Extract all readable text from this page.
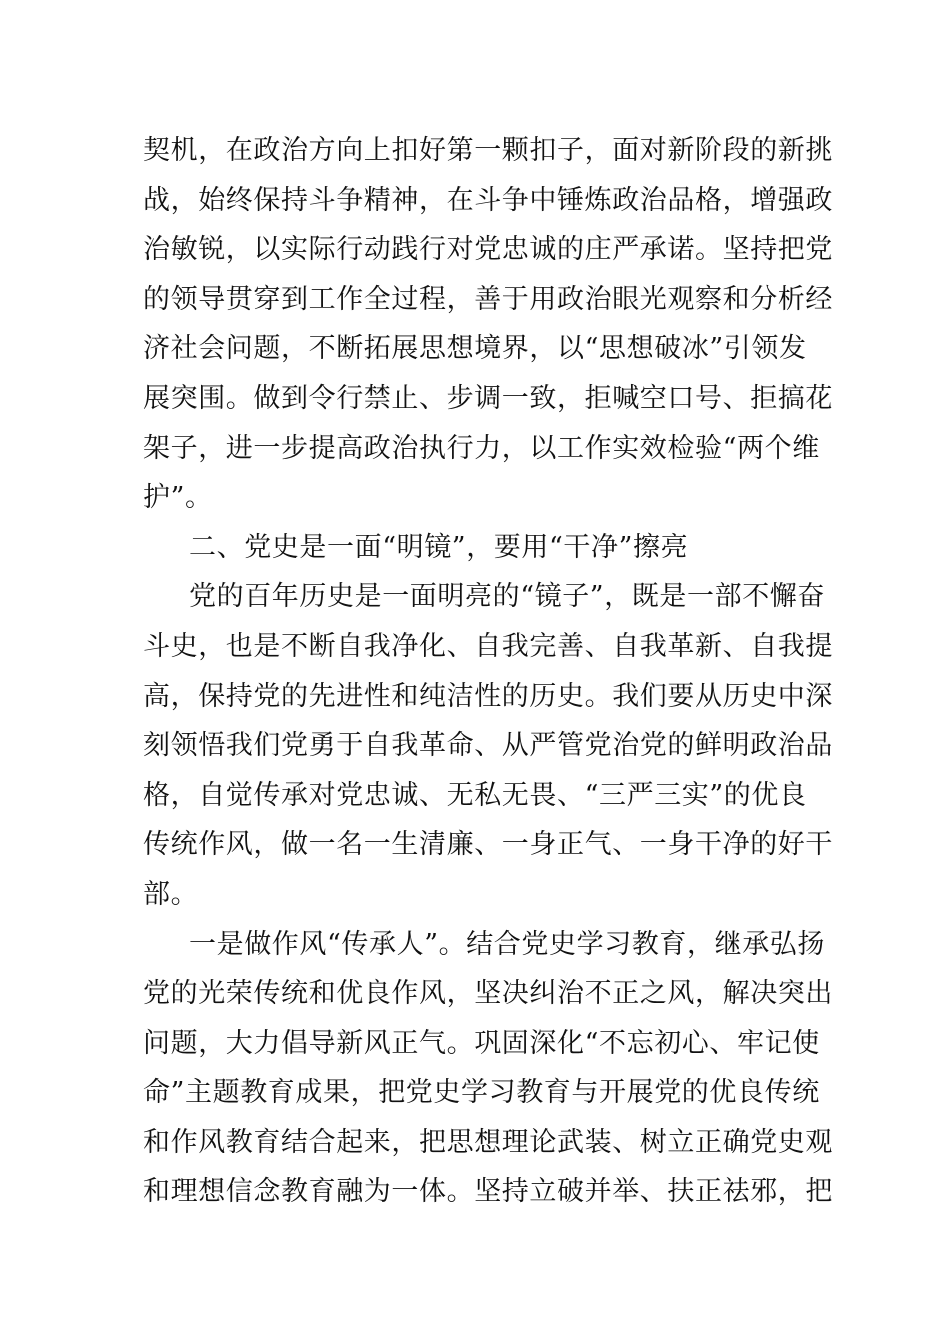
契机，在政治方向上扣好第一颗扣子，面对新阶段的新挑
战，始终保持斗争精神，在斗争中锤炼政治品格，增强政
治敏锐，以实际行动践行对党忠诚的庄严承诺。坚持把党
的领导贯穿到工作全过程，善于用政治眼光观察和分析经
济社会问题，不断拓展思想境界，以“思想破冰”引领发
展突围。做到令行禁止、步调一致，拒喊空口号、拒搞花
架子，进一步提高政治执行力，以工作实效检验“两个维
护”。
二、党史是一面“明镜”，要用“干净”擦亮
党的百年历史是一面明亮的“镜子”，既是一部不懈奋
斗史，也是不断自我净化、自我完善、自我革新、自我提
高，保持党的先进性和纯洁性的历史。我们要从历史中深
刻领悟我们党勇于自我革命、从严管党治党的鲜明政治品
格，自觉传承对党忠诚、无私无畏、“三严三实”的优良
传统作风，做一名一生清廉、一身正气、一身干净的好干
部。
一是做作风“传承人”。结合党史学习教育，继承弘扬
党的光荣传统和优良作风，坚决纠治不正之风，解决突出
问题，大力倡导新风正气。巩固深化“不忘初心、牢记使
命”主题教育成果，把党史学习教育与开展党的优良传统
和作风教育结合起来，把思想理论武装、树立正确党史观
和理想信念教育融为一体。坚持立破并举、扶正祛邪，把
